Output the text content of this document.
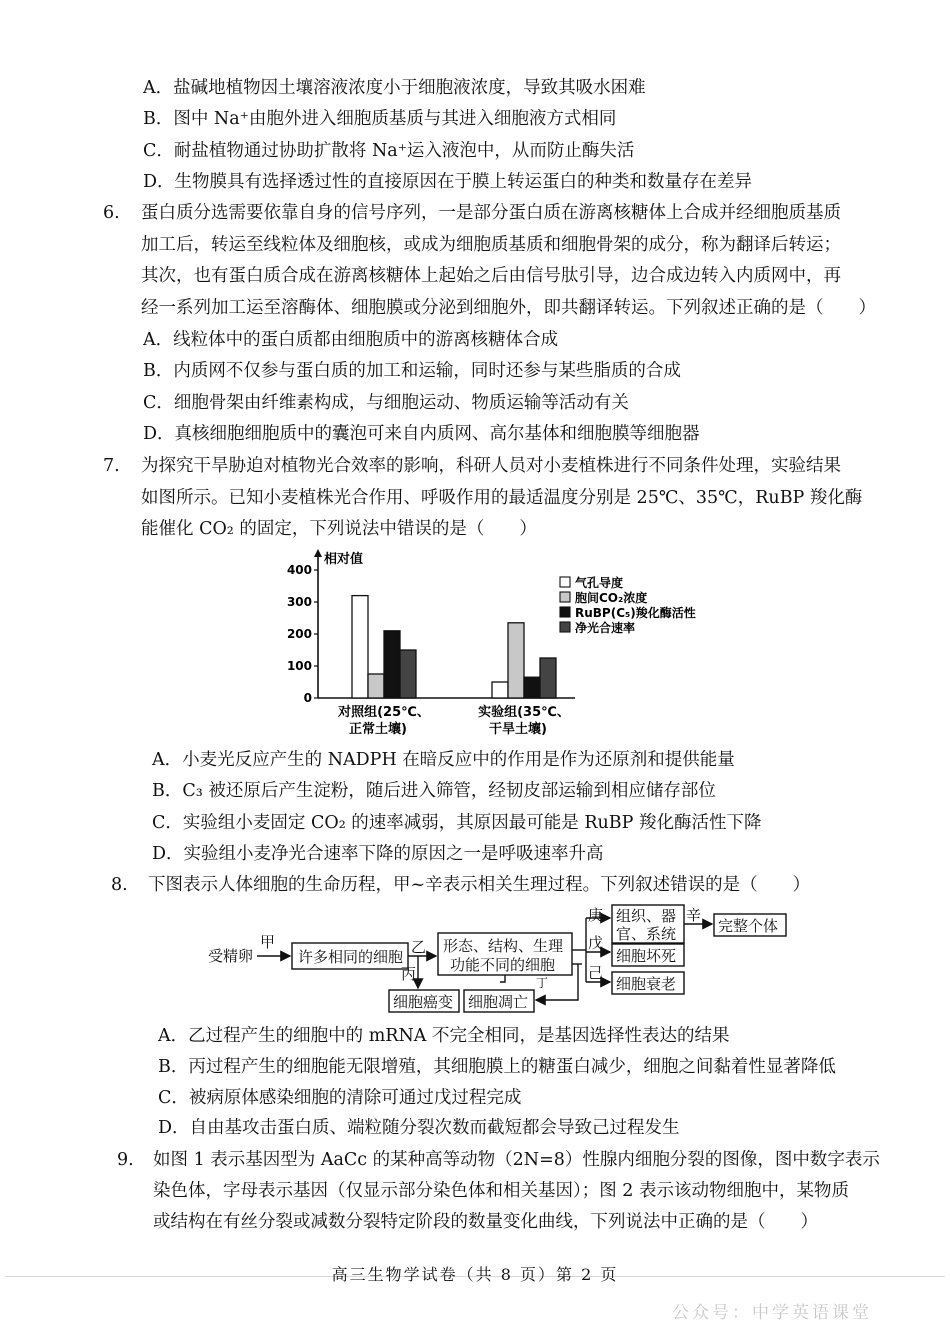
A．盐碱地植物因土壤溶液浓度小于细胞液浓度，导致其吸水困难
B．图中 Na⁺由胞外进入细胞质基质与其进入细胞液方式相同
C．耐盐植物通过协助扩散将 Na⁺运入液泡中，从而防止酶失活
D．生物膜具有选择透过性的直接原因在于膜上转运蛋白的种类和数量存在差异
6. 蛋白质分选需要依靠自身的信号序列，一是部分蛋白质在游离核糖体上合成并经细胞质基质
加工后，转运至线粒体及细胞核，或成为细胞质基质和细胞骨架的成分，称为翻译后转运；
其次，也有蛋白质合成在游离核糖体上起始之后由信号肽引导，边合成边转入内质网中，再
经一系列加工运至溶酶体、细胞膜或分泌到细胞外，即共翻译转运。下列叙述正确的是（　　）
A．线粒体中的蛋白质都由细胞质中的游离核糖体合成
B．内质网不仅参与蛋白质的加工和运输，同时还参与某些脂质的合成
C．细胞骨架由纤维素构成，与细胞运动、物质运输等活动有关
D．真核细胞细胞质中的囊泡可来自内质网、高尔基体和细胞膜等细胞器
7. 为探究干旱胁迫对植物光合效率的影响，科研人员对小麦植株进行不同条件处理，实验结果
如图所示。已知小麦植株光合作用、呼吸作用的最适温度分别是 25℃、35℃，RuBP 羧化酶
能催化 CO₂ 的固定，下列说法中错误的是（　　）
相对值
0
100
200
300
400
对照组(25℃、
正常土壤)
实验组(35℃、
干旱土壤)
气孔导度
胞间CO₂浓度
RuBP(C₅)羧化酶活性
净光合速率
A．小麦光反应产生的 NADPH 在暗反应中的作用是作为还原剂和提供能量
B．C₃ 被还原后产生淀粉，随后进入筛管，经韧皮部运输到相应储存部位
C．实验组小麦固定 CO₂ 的速率减弱，其原因最可能是 RuBP 羧化酶活性下降
D．实验组小麦净光合速率下降的原因之一是呼吸速率升高
8. 下图表示人体细胞的生命历程，甲~辛表示相关生理过程。下列叙述错误的是（　　）
受精卵
甲	乙
丙	丁
庚
戊
己
辛
许多相同的细胞
形态、结构、生理
功能不同的细胞
细胞癌变 细胞凋亡
组织、器
官、系统
细胞坏死
细胞衰老
完整个体
A．乙过程产生的细胞中的 mRNA 不完全相同，是基因选择性表达的结果
B．丙过程产生的细胞能无限增殖，其细胞膜上的糖蛋白减少，细胞之间黏着性显著降低
C．被病原体感染细胞的清除可通过戊过程完成
D．自由基攻击蛋白质、端粒随分裂次数而截短都会导致己过程发生
9. 如图 1 表示基因型为 AaCc 的某种高等动物（2N=8）性腺内细胞分裂的图像，图中数字表示
染色体，字母表示基因（仅显示部分染色体和相关基因）；图 2 表示该动物细胞中，某物质
或结构在有丝分裂或减数分裂特定阶段的数量变化曲线，下列说法中正确的是（　　）
高三生物学试卷（共 8 页）第 2 页
公众号：中学英语课堂
